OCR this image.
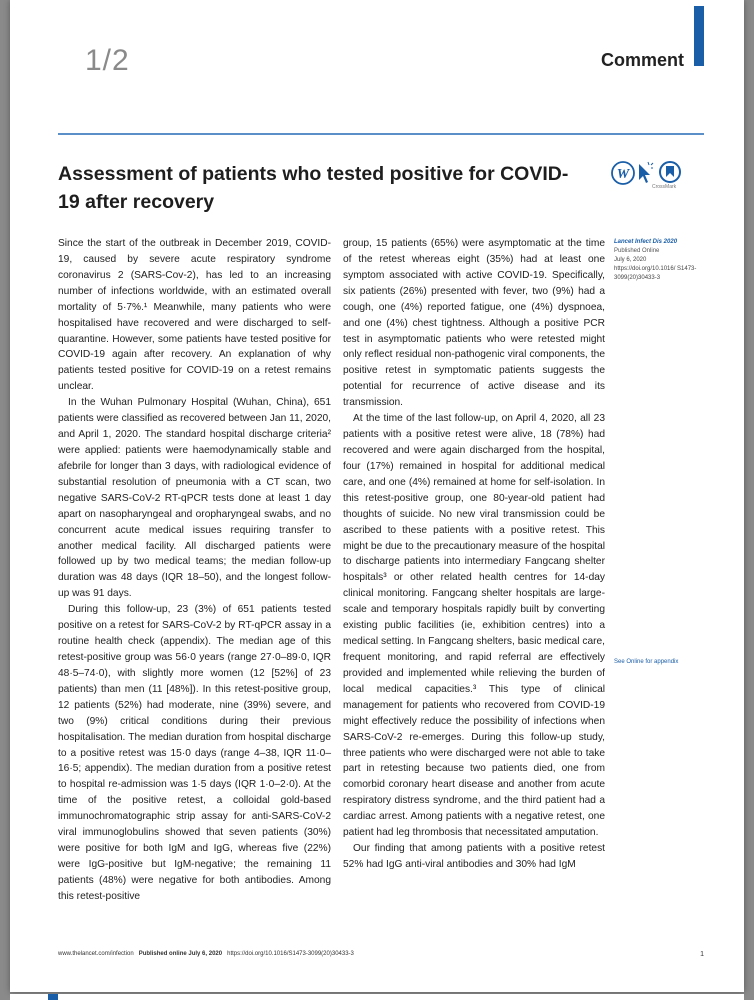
1/2	Comment
Assessment of patients who tested positive for COVID-19 after recovery
W
CrossMark
Lancet Infect Dis 2020
Published Online
July 6, 2020
https://doi.org/10.1016/ S1473-3099(20)30433-3
See Online for appendix

Since the start of the outbreak in December 2019, COVID-19, caused by severe acute respiratory syndrome coronavirus 2 (SARS-Cov-2), has led to an increasing number of infections worldwide, with an estimated overall mortality of 5·7%.¹ Meanwhile, many patients who were hospitalised have recovered and were discharged to self-quarantine. However, some patients have tested positive for COVID-19 again after recovery. An explanation of why patients tested positive for COVID-19 on a retest remains unclear.

In the Wuhan Pulmonary Hospital (Wuhan, China), 651 patients were classified as recovered between Jan 11, 2020, and April 1, 2020. The standard hospital discharge criteria² were applied: patients were haemodynamically stable and afebrile for longer than 3 days, with radiological evidence of substantial resolution of pneumonia with a CT scan, two negative SARS-CoV-2 RT-qPCR tests done at least 1 day apart on nasopharyngeal and oropharyngeal swabs, and no concurrent acute medical issues requiring transfer to another medical facility. All discharged patients were followed up by two medical teams; the median follow-up duration was 48 days (IQR 18–50), and the longest follow-up was 91 days.

During this follow-up, 23 (3%) of 651 patients tested positive on a retest for SARS-CoV-2 by RT-qPCR assay in a routine health check (appendix). The median age of this retest-positive group was 56·0 years (range 27·0–89·0, IQR 48·5–74·0), with slightly more women (12 [52%] of 23 patients) than men (11 [48%]). In this retest-positive group, 12 patients (52%) had moderate, nine (39%) severe, and two (9%) critical conditions during their previous hospitalisation. The median duration from hospital discharge to a positive retest was 15·0 days (range 4–38, IQR 11·0–16·5; appendix). The median duration from a positive retest to hospital re-admission was 1·5 days (IQR 1·0–2·0). At the time of the positive retest, a colloidal gold-based immunochromatographic strip assay for anti-SARS-CoV-2 viral immunoglobulins showed that seven patients (30%) were positive for both IgM and IgG, whereas five (22%) were IgG-positive but IgM-negative; the remaining 11 patients (48%) were negative for both antibodies. Among this retest-positive

group, 15 patients (65%) were asymptomatic at the time of the retest whereas eight (35%) had at least one symptom associated with active COVID-19. Specifically, six patients (26%) presented with fever, two (9%) had a cough, one (4%) reported fatigue, one (4%) dyspnoea, and one (4%) chest tightness. Although a positive PCR test in asymptomatic patients who were retested might only reflect residual non-pathogenic viral components, the positive retest in symptomatic patients suggests the potential for recurrence of active disease and its transmission.

At the time of the last follow-up, on April 4, 2020, all 23 patients with a positive retest were alive, 18 (78%) had recovered and were again discharged from the hospital, four (17%) remained in hospital for additional medical care, and one (4%) remained at home for self-isolation. In this retest-positive group, one 80-year-old patient had thoughts of suicide. No new viral transmission could be ascribed to these patients with a positive retest. This might be due to the precautionary measure of the hospital to discharge patients into intermediary Fangcang shelter hospitals³ or other related health centres for 14-day clinical monitoring. Fangcang shelter hospitals are large-scale and temporary hospitals rapidly built by converting existing public facilities (ie, exhibition centres) into a medical setting. In Fangcang shelters, basic medical care, frequent monitoring, and rapid referral are effectively provided and implemented while relieving the burden of local medical capacities.³ This type of clinical management for patients who recovered from COVID-19 might effectively reduce the possibility of infections when SARS-CoV-2 re-emerges. During this follow-up study, three patients who were discharged were not able to take part in retesting because two patients died, one from comorbid coronary heart disease and another from acute respiratory distress syndrome, and the third patient had a cardiac arrest. Among patients with a negative retest, one patient had leg thrombosis that necessitated amputation.

Our finding that among patients with a positive retest 52% had IgG anti-viral antibodies and 30% had IgM

www.thelancet.com/infection Published online July 6, 2020 https://doi.org/10.1016/S1473-3099(20)30433-3	1
